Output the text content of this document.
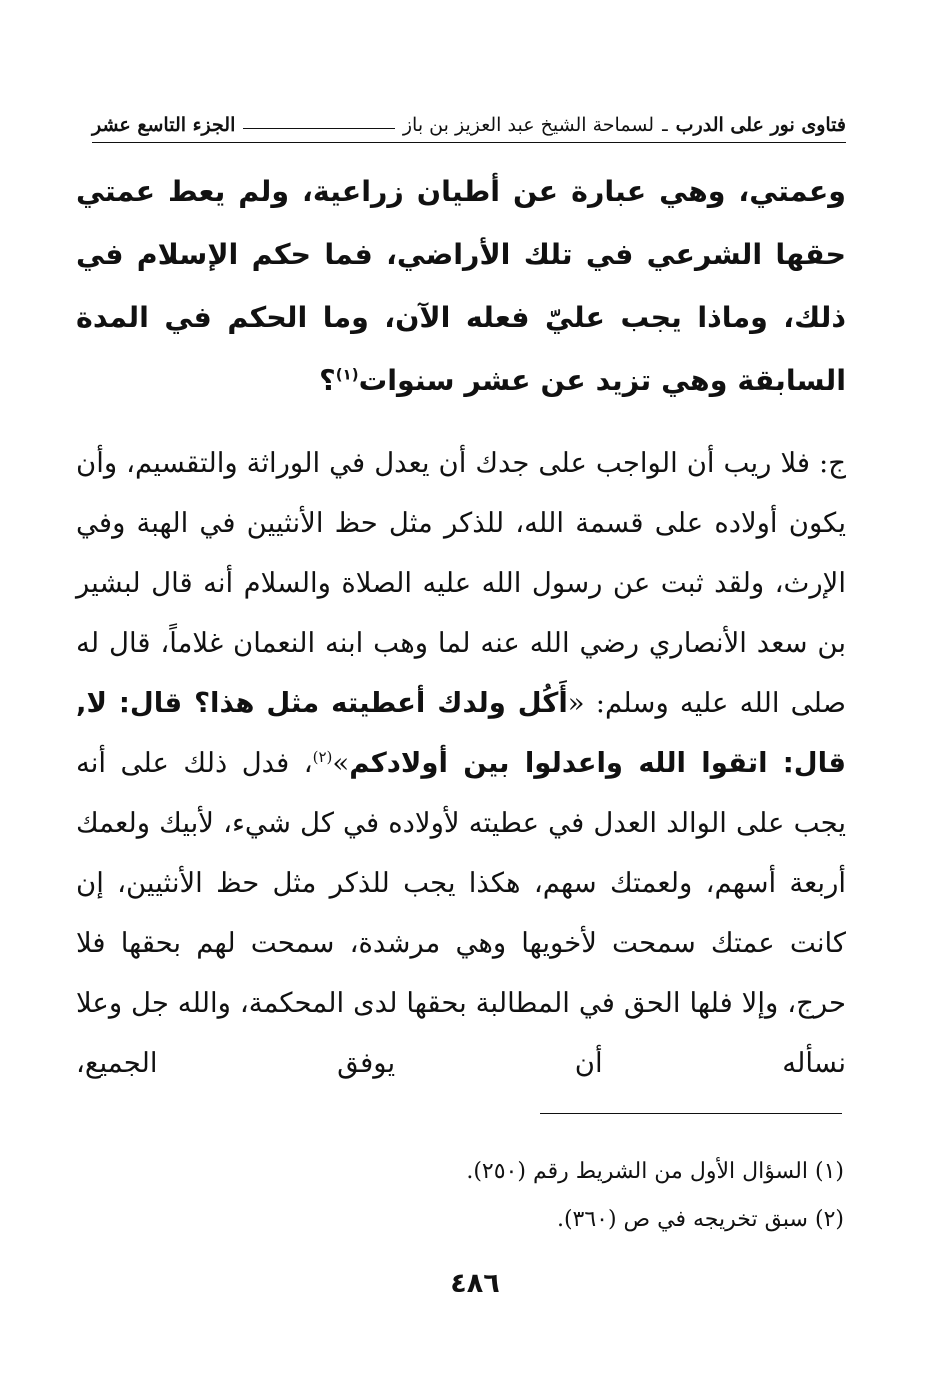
فتاوى نور على الدرب
ـ
لسماحة الشيخ عبد العزيز بن باز
الجزء التاسع عشر
وعمتي، وهي عبارة عن أطيان زراعية، ولم يعط عمتي حقها الشرعي في تلك الأراضي، فما حكم الإسلام في ذلك، وماذا يجب عليّ فعله الآن، وما الحكم في المدة السابقة وهي تزيد عن عشر سنوات$^{(١)}$؟
ج: فلا ريب أن الواجب على جدك أن يعدل في الوراثة والتقسيم، وأن يكون أولاده على قسمة الله، للذكر مثل حظ الأنثيين في الهبة وفي الإرث، ولقد ثبت عن رسول الله عليه الصلاة والسلام أنه قال لبشير بن سعد الأنصاري رضي الله عنه لما وهب ابنه النعمان غلاماً، قال له صلى الله عليه وسلم: «أَكُل ولدك أعطيته مثل هذا؟ قال: لا, قال: اتقوا الله واعدلوا بين أولادكم»$^{(٢)}$، فدل ذلك على أنه يجب على الوالد العدل في عطيته لأولاده في كل شيء، لأبيك ولعمك أربعة أسهم، ولعمتك سهم، هكذا يجب للذكر مثل حظ الأنثيين، إن كانت عمتك سمحت لأخويها وهي مرشدة، سمحت لهم بحقها فلا حرج، وإلا فلها الحق في المطالبة بحقها لدى المحكمة، والله جل وعلا نسأله أن يوفق الجميع،
(١) السؤال الأول من الشريط رقم (٢٥٠).
(٢) سبق تخريجه في ص (٣٦٠).
٤٨٦
